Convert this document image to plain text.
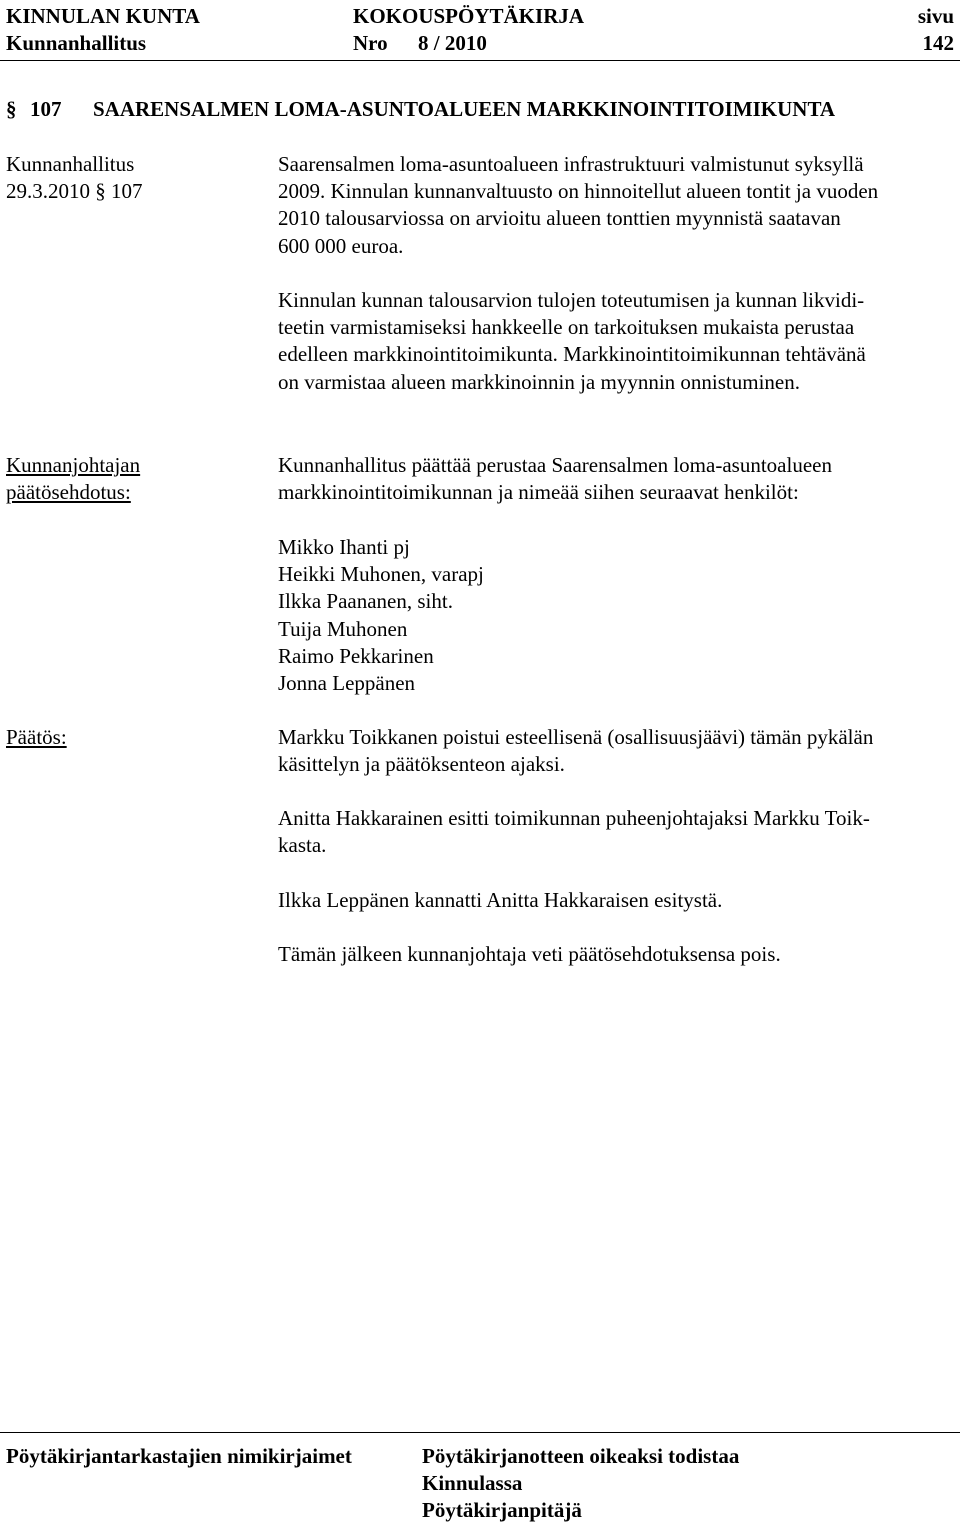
KINNULAN KUNTA	KOKOUSPÖYTÄKIRJA	sivu
Kunnanhallitus	Nro 8 / 2010	142
§ 107 SAARENSALMEN LOMA-ASUNTOALUEEN MARKKINOINTITOIMIKUNTA
Kunnanhallitus
29.3.2010 § 107
Saarensalmen loma-asuntoalueen infrastruktuuri valmistunut syksyllä
2009. Kinnulan kunnanvaltuusto on hinnoitellut alueen tontit ja vuoden
2010 talousarviossa on arvioitu alueen tonttien myynnistä saatavan
600 000 euroa.
Kinnulan kunnan talousarvion tulojen toteutumisen ja kunnan likvidi-
teetin varmistamiseksi hankkeelle on tarkoituksen mukaista perustaa
edelleen markkinointitoimikunta. Markkinointitoimikunnan tehtävänä
on varmistaa alueen markkinoinnin ja myynnin onnistuminen.
Kunnanjohtajan
päätösehdotus:
Kunnanhallitus päättää perustaa Saarensalmen loma-asuntoalueen
markkinointitoimikunnan ja nimeää siihen seuraavat henkilöt:
Mikko Ihanti pj
Heikki Muhonen, varapj
Ilkka Paananen, siht.
Tuija Muhonen
Raimo Pekkarinen
Jonna Leppänen
Päätös:	Markku Toikkanen poistui esteellisenä (osallisuusjäävi) tämän pykälän
käsittelyn ja päätöksenteon ajaksi.
Anitta Hakkarainen esitti toimikunnan puheenjohtajaksi Markku Toik-
kasta.
Ilkka Leppänen kannatti Anitta Hakkaraisen esitystä.
Tämän jälkeen kunnanjohtaja veti päätösehdotuksensa pois.
Pöytäkirjantarkastajien nimikirjaimet	Pöytäkirjanotteen oikeaksi todistaa
Kinnulassa
Pöytäkirjanpitäjä
